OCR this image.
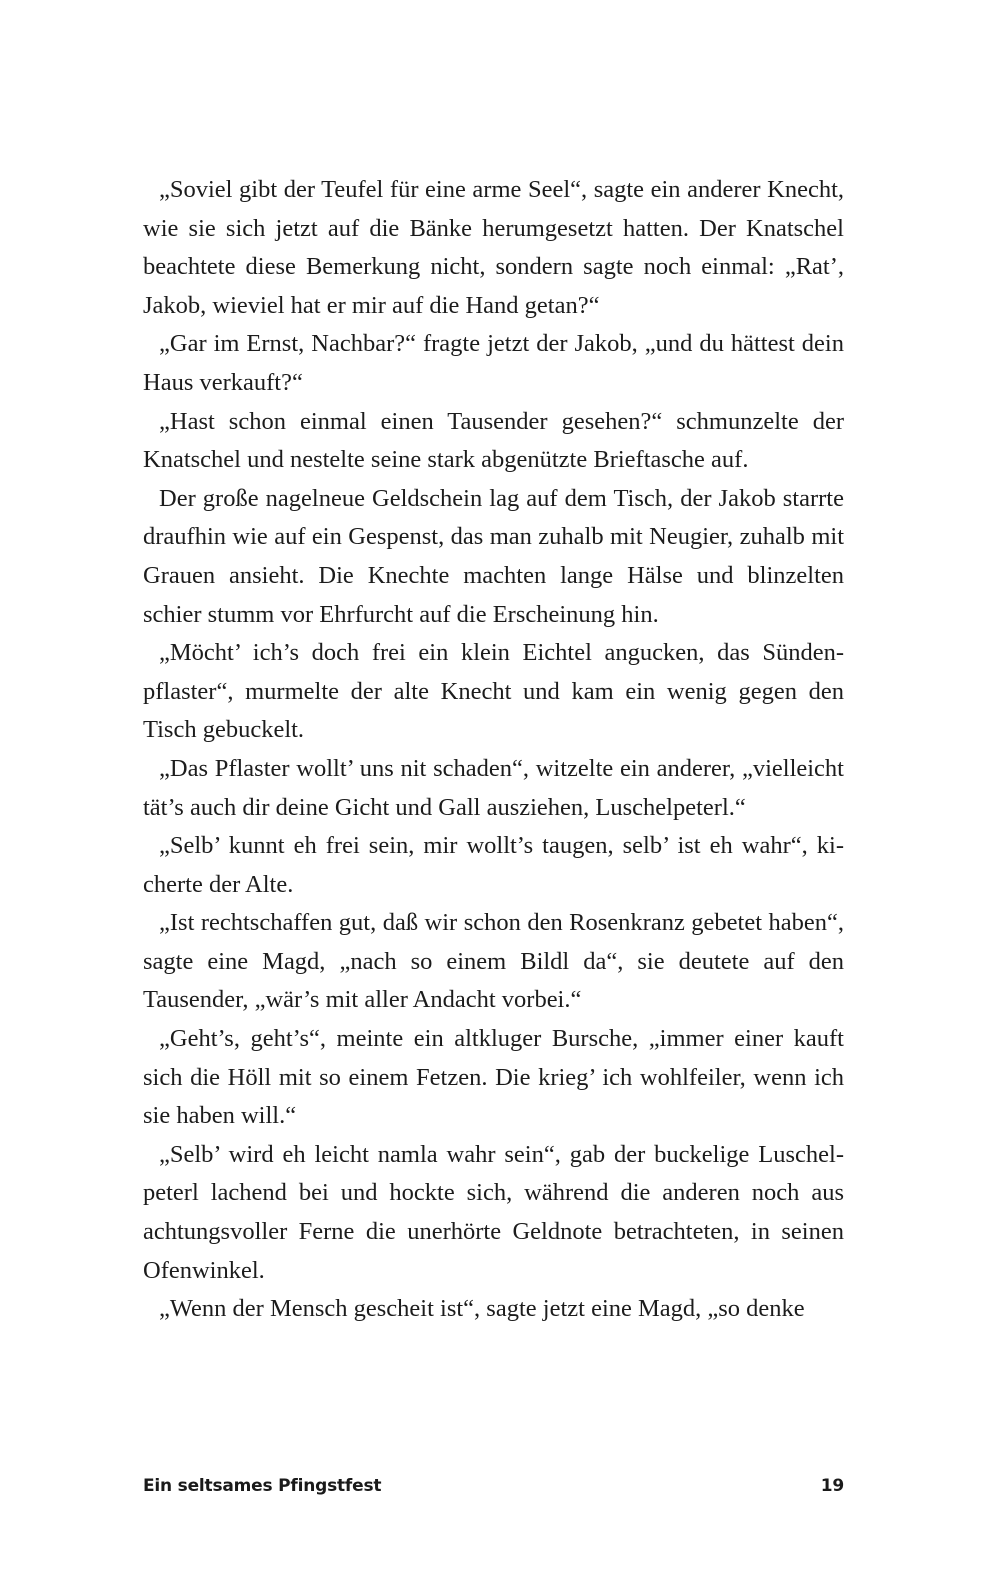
„Soviel gibt der Teufel für eine arme Seel“, sagte ein anderer Knecht, wie sie sich jetzt auf die Bänke herumgesetzt hatten. Der Knatschel beachtete diese Bemerkung nicht, sondern sagte noch einmal: „Rat’, Jakob, wieviel hat er mir auf die Hand getan?“

„Gar im Ernst, Nachbar?“ fragte jetzt der Jakob, „und du hättest dein Haus verkauft?“

„Hast schon einmal einen Tausender gesehen?“ schmunzelte der Knatschel und nestelte seine stark abgenützte Brieftasche auf.

Der große nagelneue Geldschein lag auf dem Tisch, der Jakob starrte draufhin wie auf ein Gespenst, das man zuhalb mit Neugier, zuhalb mit Grauen ansieht. Die Knechte machten lange Hälse und blinzelten schier stumm vor Ehrfurcht auf die Erscheinung hin.

„Möcht’ ich’s doch frei ein klein Eichtel angucken, das Sündenpflaster“, murmelte der alte Knecht und kam ein wenig gegen den Tisch gebuckelt.

„Das Pflaster wollt’ uns nit schaden“, witzelte ein anderer, „vielleicht tät’s auch dir deine Gicht und Gall ausziehen, Luschelpeterl.“

„Selb’ kunnt eh frei sein, mir wollt’s taugen, selb’ ist eh wahr“, kicherte der Alte.

„Ist rechtschaffen gut, daß wir schon den Rosenkranz gebetet haben“, sagte eine Magd, „nach so einem Bildl da“, sie deutete auf den Tausender, „wär’s mit aller Andacht vorbei.“

„Geht’s, geht’s“, meinte ein altkluger Bursche, „immer einer kauft sich die Höll mit so einem Fetzen. Die krieg’ ich wohlfeiler, wenn ich sie haben will.“

„Selb’ wird eh leicht namla wahr sein“, gab der buckelige Luschelpeterl lachend bei und hockte sich, während die anderen noch aus achtungsvoller Ferne die unerhörte Geldnote betrachteten, in seinen Ofenwinkel.

„Wenn der Mensch gescheit ist“, sagte jetzt eine Magd, „so denke

Ein seltsames Pfingstfest	19
